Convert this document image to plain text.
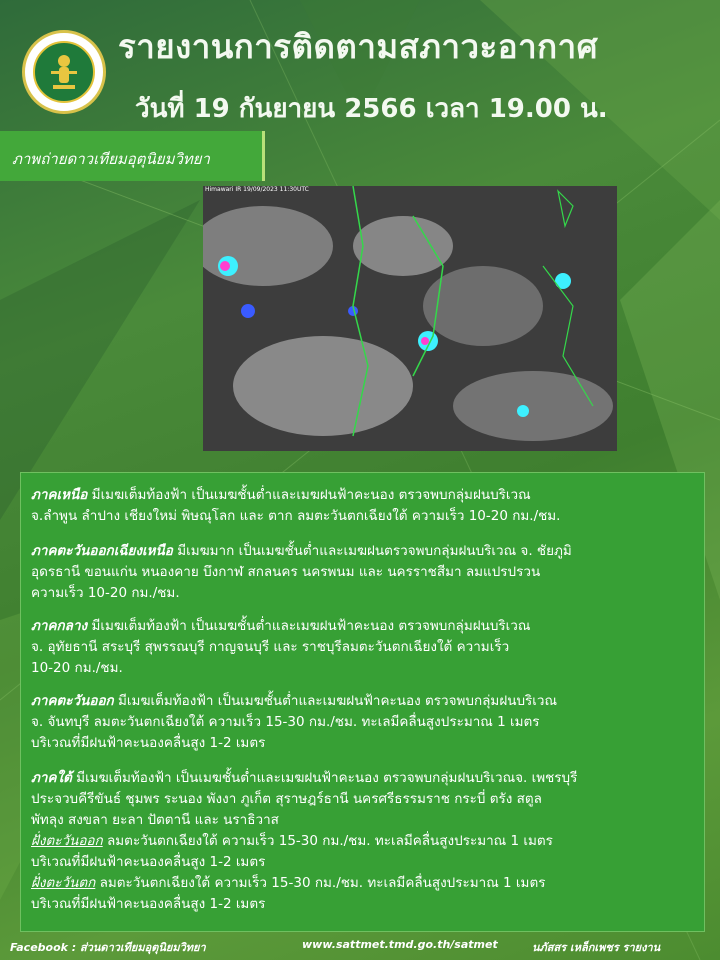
รายงานการติดตามสภาวะอากาศ
วันที่ 19 กันยายน 2566 เวลา 19.00 น.
ภาพถ่ายดาวเทียมอุตุนิยมวิทยา
Himawari IR 19/09/2023 11:30UTC
ภาคเหนือ มีเมฆเต็มท้องฟ้า เป็นเมฆชั้นต่ำและเมฆฝนฟ้าคะนอง ตรวจพบกลุ่มฝนบริเวณ
จ.ลำพูน ลำปาง เชียงใหม่ พิษณุโลก และ ตาก ลมตะวันตกเฉียงใต้ ความเร็ว 10-20 กม./ชม.
ภาคตะวันออกเฉียงเหนือ มีเมฆมาก เป็นเมฆชั้นต่ำและเมฆฝนตรวจพบกลุ่มฝนบริเวณ จ. ชัยภูมิ
อุดรธานี ขอนแก่น หนองคาย บึงกาฬ สกลนคร นครพนม และ นครราชสีมา ลมแปรปรวน
ความเร็ว 10-20 กม./ชม.
ภาคกลาง มีเมฆเต็มท้องฟ้า เป็นเมฆชั้นต่ำและเมฆฝนฟ้าคะนอง ตรวจพบกลุ่มฝนบริเวณ
จ. อุทัยธานี สระบุรี สุพรรณบุรี กาญจนบุรี และ ราชบุรีลมตะวันตกเฉียงใต้ ความเร็ว
10-20 กม./ชม.
ภาคตะวันออก มีเมฆเต็มท้องฟ้า เป็นเมฆชั้นต่ำและเมฆฝนฟ้าคะนอง ตรวจพบกลุ่มฝนบริเวณ
จ. จันทบุรี ลมตะวันตกเฉียงใต้ ความเร็ว 15-30 กม./ชม. ทะเลมีคลื่นสูงประมาณ 1 เมตร
บริเวณที่มีฝนฟ้าคะนองคลื่นสูง 1-2 เมตร
ภาคใต้ มีเมฆเต็มท้องฟ้า เป็นเมฆชั้นต่ำและเมฆฝนฟ้าคะนอง ตรวจพบกลุ่มฝนบริเวณจ. เพชรบุรี
ประจวบคีรีขันธ์ ชุมพร ระนอง พังงา ภูเก็ต สุราษฎร์ธานี นครศรีธรรมราช กระบี่ ตรัง สตูล
พัทลุง สงขลา ยะลา ปัตตานี และ นราธิวาส
ฝั่งตะวันออก ลมตะวันตกเฉียงใต้ ความเร็ว 15-30 กม./ชม. ทะเลมีคลื่นสูงประมาณ 1 เมตร
บริเวณที่มีฝนฟ้าคะนองคลื่นสูง 1-2 เมตร
ฝั่งตะวันตก ลมตะวันตกเฉียงใต้ ความเร็ว 15-30 กม./ชม. ทะเลมีคลื่นสูงประมาณ 1 เมตร
บริเวณที่มีฝนฟ้าคะนองคลื่นสูง 1-2 เมตร
Facebook : ส่วนดาวเทียมอุตุนิยมวิทยา	www.sattmet.tmd.go.th/satmet	นภัสสร เหล็กเพชร รายงาน
